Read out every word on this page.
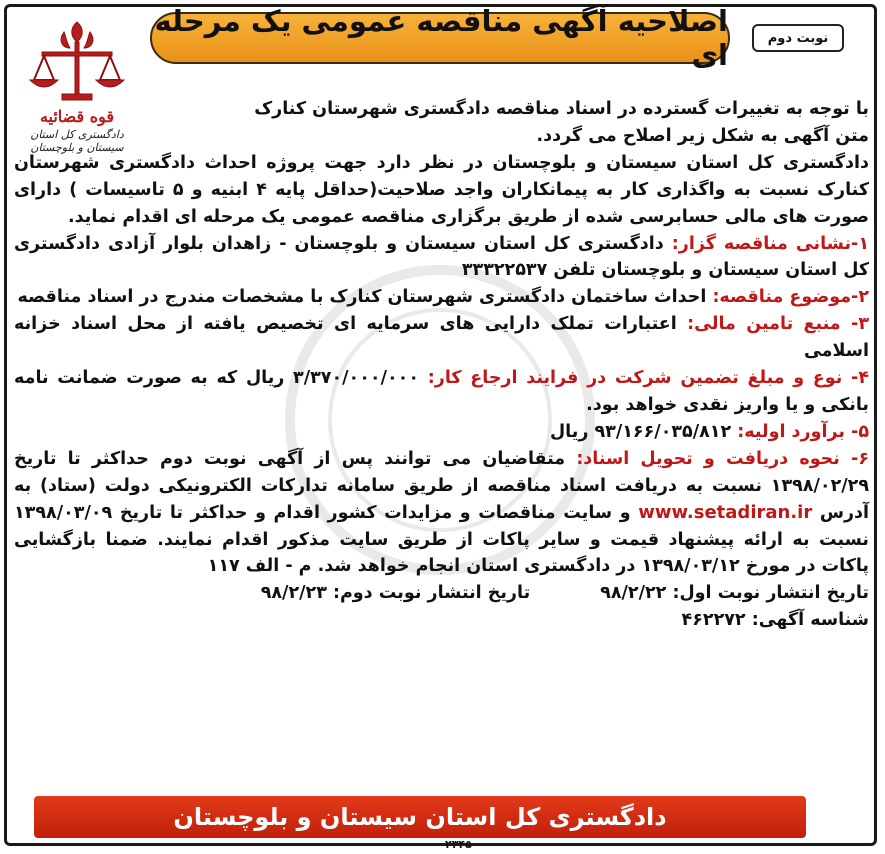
نوبت دوم
اصلاحیه آگهی مناقصه عمومی یک مرحله ای
قوه قضائیه
دادگستری کل استان سیستان و بلوچستان

با توجه به تغییرات گسترده در اسناد مناقصه دادگستری شهرستان کنارک

متن آگهی به شکل زیر اصلاح می گردد.

دادگستری کل استان سیستان و بلوچستان در نظر دارد جهت پروژه احداث دادگستری شهرستان کنارک نسبت به واگذاری کار به پیمانکاران واجد صلاحیت(حداقل پایه ۴ ابنیه و ۵ تاسیسات ) دارای صورت های مالی حسابرسی شده از طریق برگزاری مناقصه عمومی یک مرحله ای اقدام نماید.

۱-نشانی مناقصه گزار: دادگستری کل استان سیستان و بلوچستان - زاهدان بلوار آزادی دادگستری کل استان سیستان و بلوچستان تلفن ۳۳۳۲۲۵۳۷

۲-موضوع مناقصه: احداث ساختمان دادگستری شهرستان کنارک با مشخصات مندرج در اسناد مناقصه

۳- منبع تامین مالی: اعتبارات تملک دارایی های سرمایه ای تخصیص یافته از محل اسناد خزانه اسلامی

۴- نوع و مبلغ تضمین شرکت در فرایند ارجاع کار: ۳/۳۷۰/۰۰۰/۰۰۰ ریال که به صورت ضمانت نامه بانکی و یا واریز نقدی خواهد بود.

۵- برآورد اولیه: ۹۳/۱۶۶/۰۳۵/۸۱۲ ریال

۶- نحوه دریافت و تحویل اسناد: متقاضیان می توانند پس از آگهی نوبت دوم حداکثر تا تاریخ ۱۳۹۸/۰۲/۲۹ نسبت به دریافت اسناد مناقصه از طریق سامانه تدارکات الکترونیکی دولت (ستاد) به آدرس www.setadiran.ir و سایت مناقصات و مزایدات کشور اقدام و حداکثر تا تاریخ ۱۳۹۸/۰۳/۰۹ نسبت به ارائه پیشنهاد قیمت و سایر پاکات از طریق سایت مذکور اقدام نمایند. ضمنا بازگشایی پاکات در مورخ ۱۳۹۸/۰۳/۱۲ در دادگستری استان انجام خواهد شد. م - الف ۱۱۷

تاریخ انتشار نوبت اول: ۹۸/۲/۲۲
تاریخ انتشار نوبت دوم: ۹۸/۲/۲۳

شناسه آگهی: ۴۶۲۲۷۲

دادگستری کل استان سیستان و بلوچستان
۲۳۴۵
